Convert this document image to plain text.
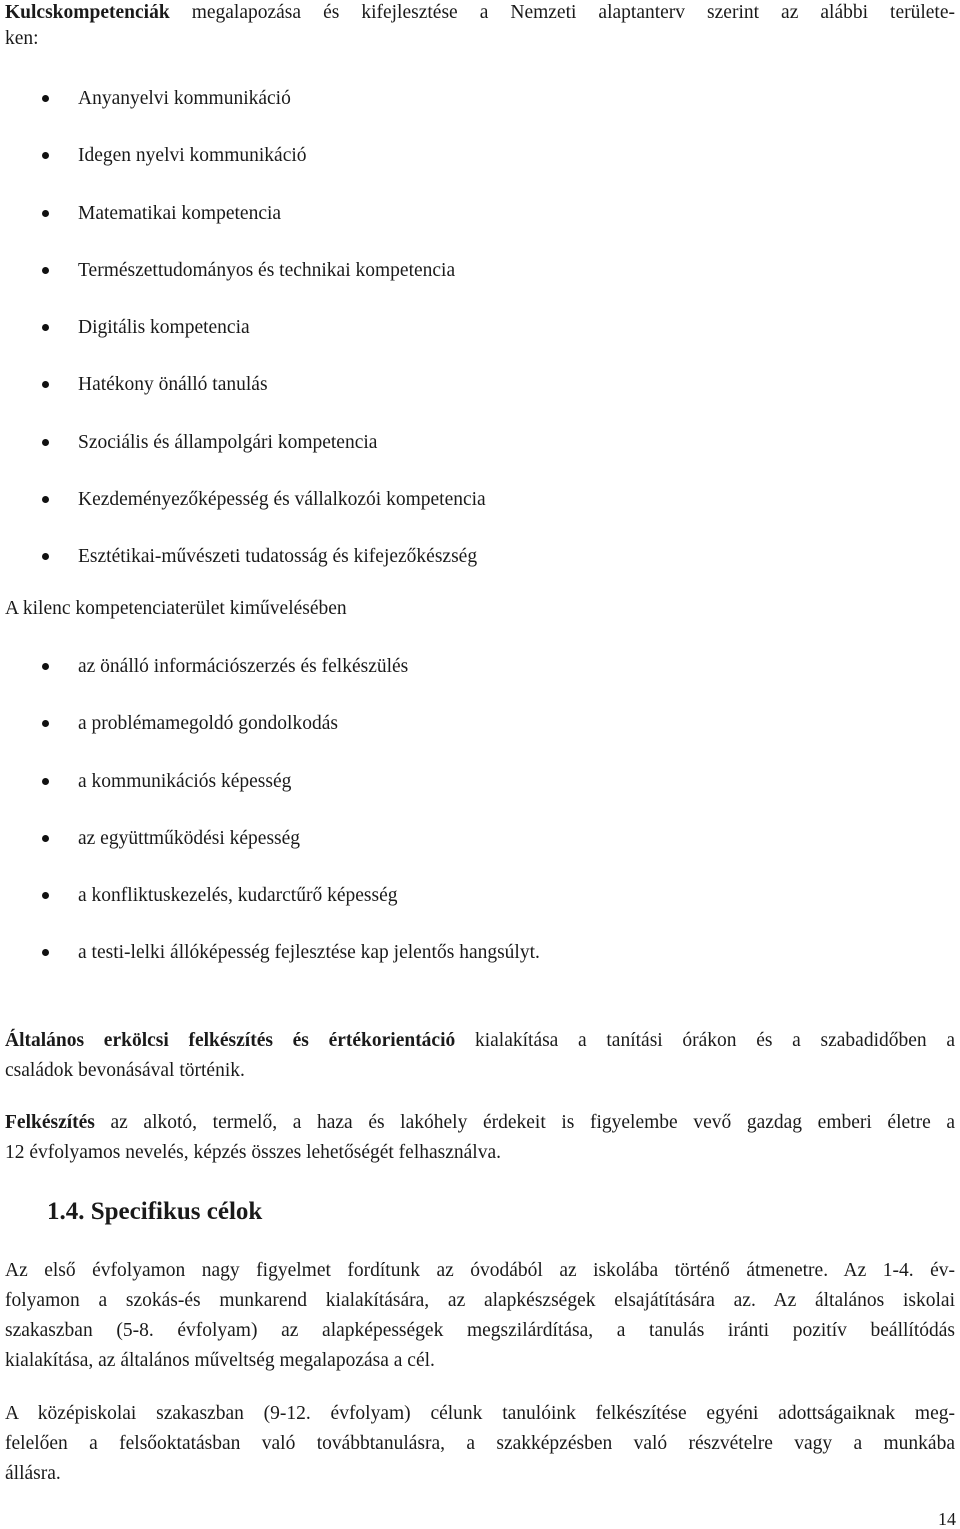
Kulcskompetenciák megalapozása és kifejlesztése a Nemzeti alaptanterv szerint az alábbi területe-
ken:
Anyanyelvi kommunikáció
Idegen nyelvi kommunikáció
Matematikai kompetencia
Természettudományos és technikai kompetencia
Digitális kompetencia
Hatékony önálló tanulás
Szociális és állampolgári kompetencia
Kezdeményezőképesség és vállalkozói kompetencia
Esztétikai-művészeti tudatosság és kifejezőkészség
A kilenc kompetenciaterület kiművelésében
az önálló információszerzés és felkészülés
a problémamegoldó gondolkodás
a kommunikációs képesség
az együttműködési képesség
a konfliktuskezelés, kudarctűrő képesség
a testi-lelki állóképesség fejlesztése kap jelentős hangsúlyt.
Általános erkölcsi felkészítés és értékorientáció kialakítása a tanítási órákon és a szabadidőben a
családok bevonásával történik.
Felkészítés az alkotó, termelő, a haza és lakóhely érdekeit is figyelembe vevő gazdag emberi életre a
12 évfolyamos nevelés, képzés összes lehetőségét felhasználva.
1.4. Specifikus célok
Az első évfolyamon nagy figyelmet fordítunk az óvodából az iskolába történő átmenetre. Az 1-4. év-
folyamon a szokás-és munkarend kialakítására, az alapkészségek elsajátítására az. Az általános iskolai
szakaszban (5-8. évfolyam) az alapképességek megszilárdítása, a tanulás iránti pozitív beállítódás
kialakítása, az általános műveltség megalapozása a cél.
A középiskolai szakaszban (9-12. évfolyam) célunk tanulóink felkészítése egyéni adottságaiknak meg-
felelően a felsőoktatásban való továbbtanulásra, a szakképzésben való részvételre vagy a munkába
állásra.
14
